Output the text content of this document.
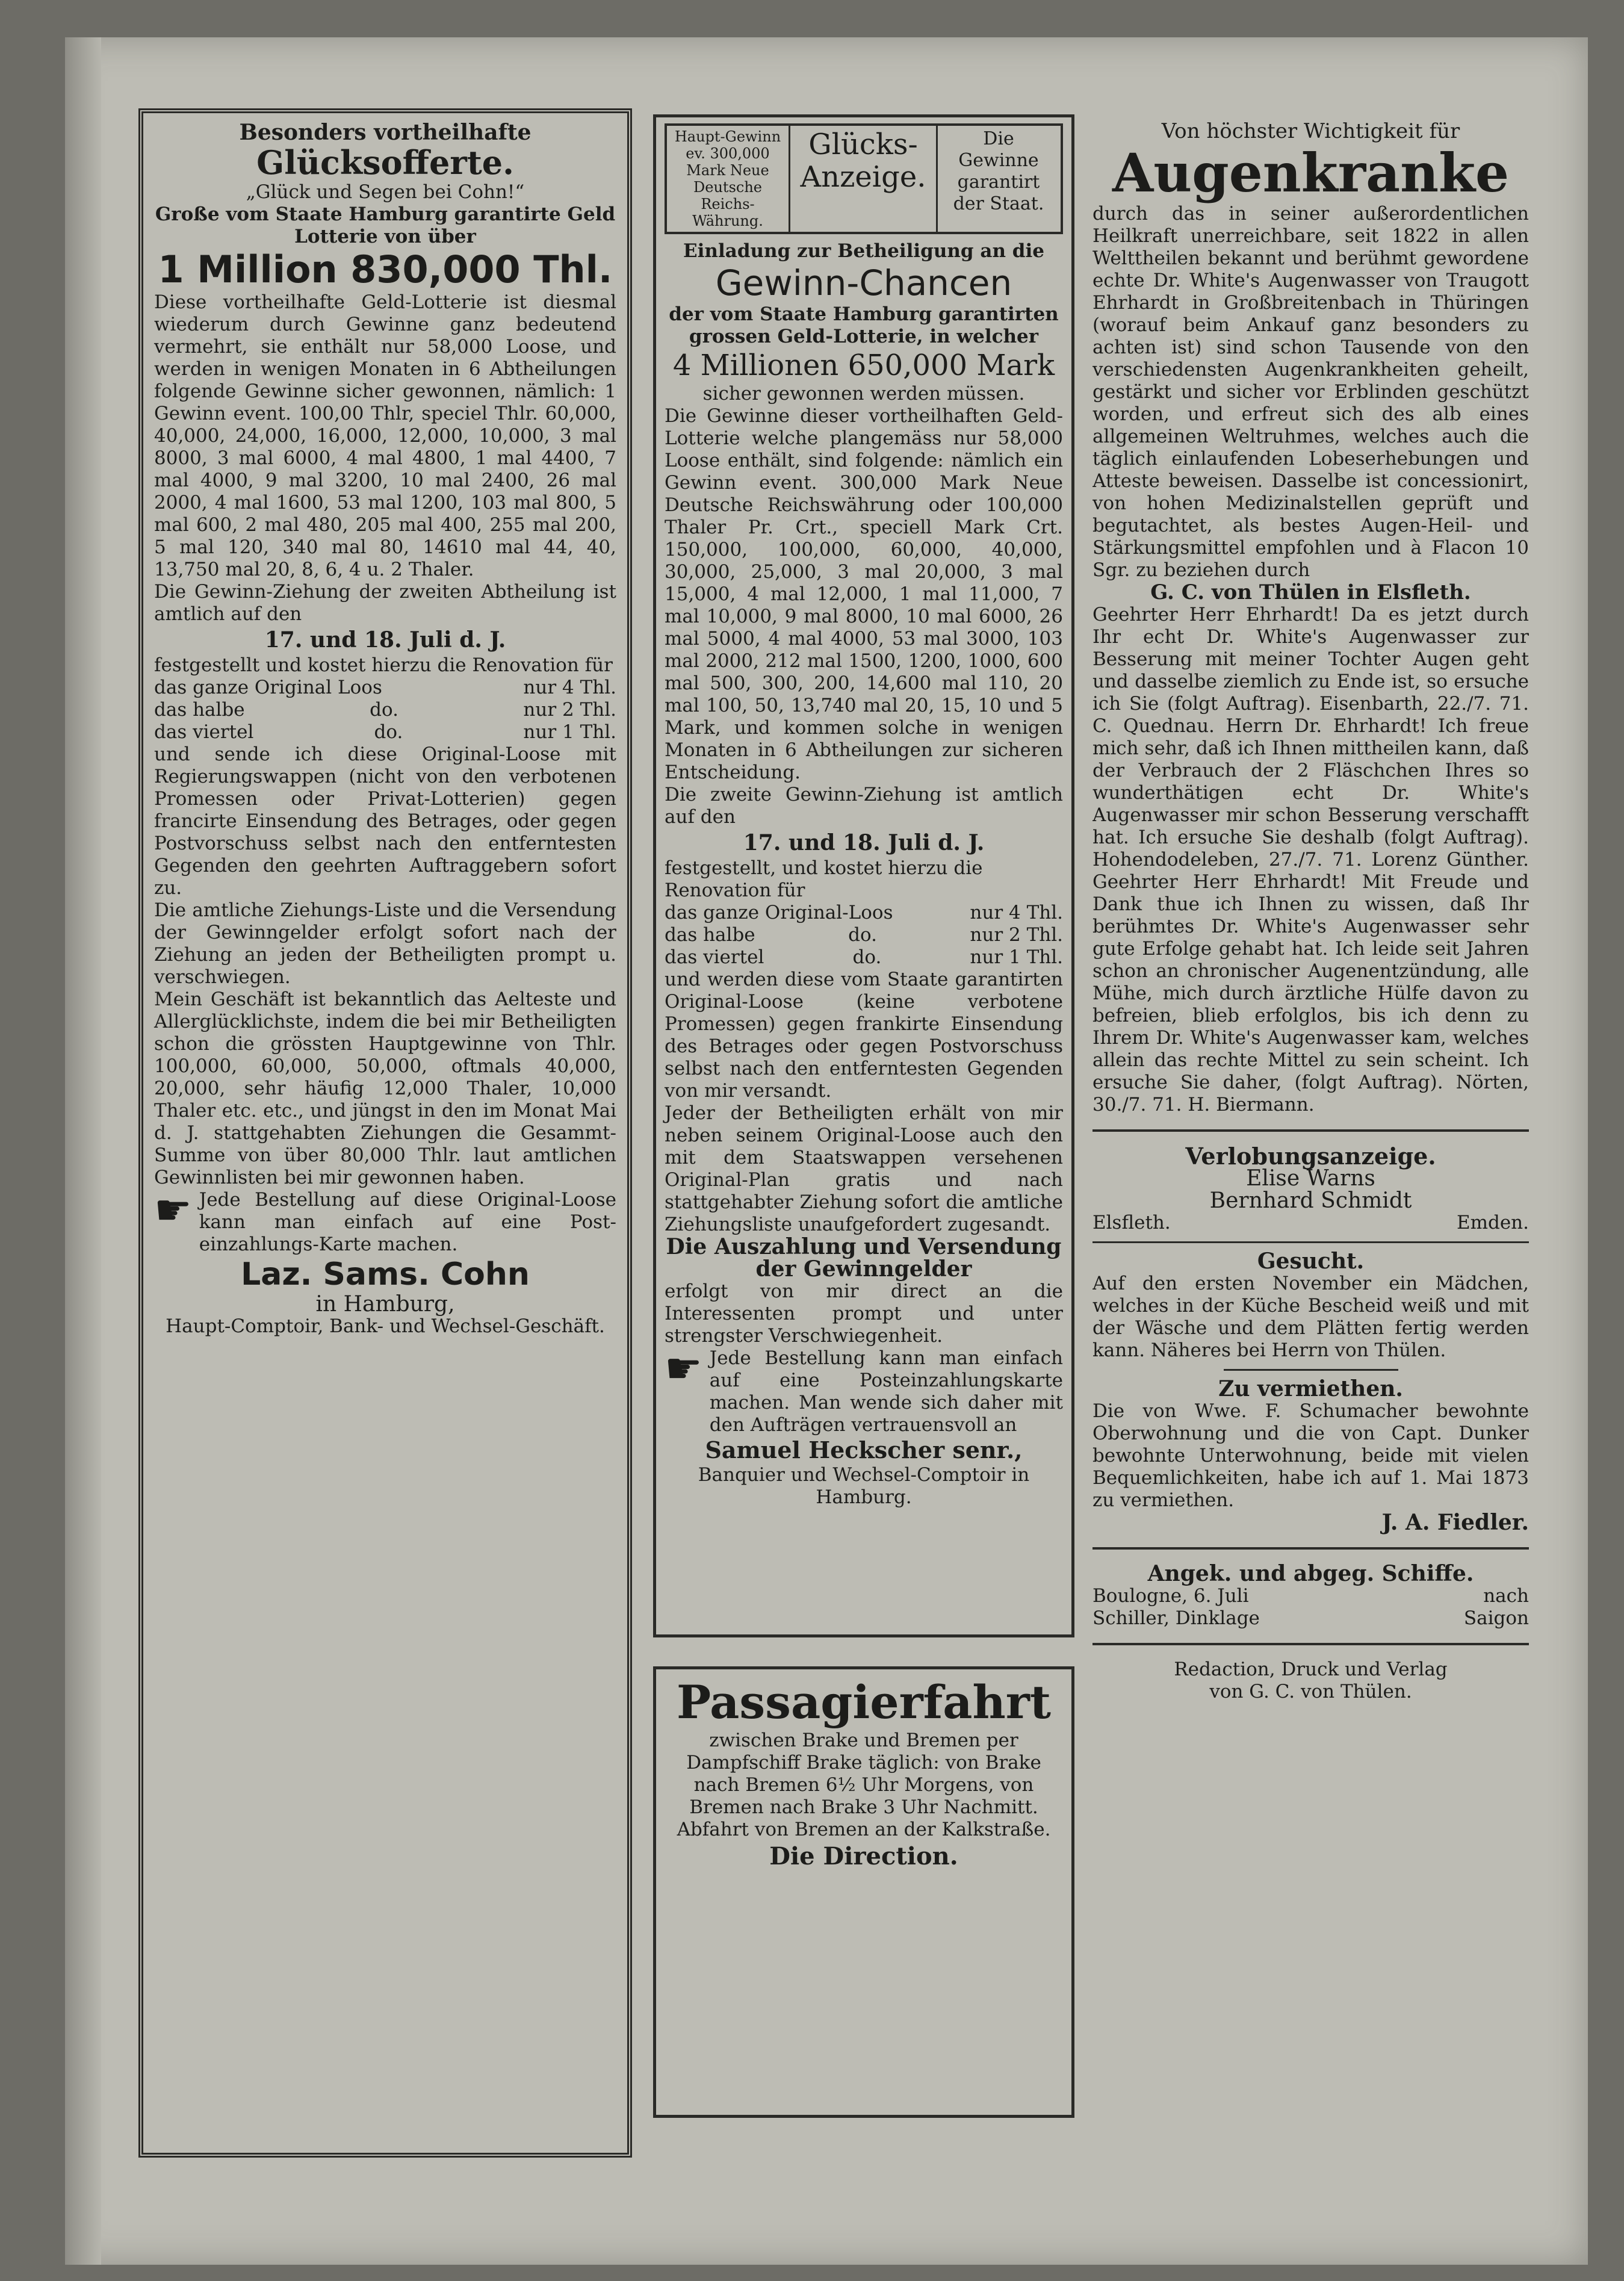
Besonders vortheilhafte

Glücksofferte.

„Glück und Segen bei Cohn!“

Große vom Staate Hamburg garantirte Geld Lotterie von über

1 Million 830,000 Thl.

Diese vortheilhafte Geld-Lotterie ist diesmal wiederum durch Gewinne ganz bedeutend vermehrt, sie enthält nur 58,000 Loose, und werden in wenigen Monaten in 6 Abtheilungen folgende Gewinne sicher gewonnen, nämlich: 1 Gewinn event. 100,00 Thlr, speciel Thlr. 60,000, 40,000, 24,000, 16,000, 12,000, 10,000, 3 mal 8000, 3 mal 6000, 4 mal 4800, 1 mal 4400, 7 mal 4000, 9 mal 3200, 10 mal 2400, 26 mal 2000, 4 mal 1600, 53 mal 1200, 103 mal 800, 5 mal 600, 2 mal 480, 205 mal 400, 255 mal 200, 5 mal 120, 340 mal 80, 14610 mal 44, 40, 13,750 mal 20, 8, 6, 4 u. 2 Thaler.

Die Gewinn-Ziehung der zweiten Abtheilung ist amtlich auf den

17. und 18. Juli d. J.

festgestellt und kostet hierzu die Renovation für

das ganze Original Loos	nur 4 Thl.
das halbe	do.	nur 2 Thl.
das viertel	do.	nur 1 Thl.

und sende ich diese Original-Loose mit Regierungswappen (nicht von den verbotenen Promessen oder Privat-Lotterien) gegen francirte Einsendung des Betrages, oder gegen Postvorschuss selbst nach den entferntesten Gegenden den geehrten Auftraggebern sofort zu.

Die amtliche Ziehungs-Liste und die Versendung der Gewinngelder erfolgt sofort nach der Ziehung an jeden der Betheiligten prompt u. verschwiegen.

Mein Geschäft ist bekanntlich das Aelteste und Allerglücklichste, indem die bei mir Betheiligten schon die grössten Hauptgewinne von Thlr. 100,000, 60,000, 50,000, oftmals 40,000, 20,000, sehr häufig 12,000 Thaler, 10,000 Thaler etc. etc., und jüngst in den im Monat Mai d. J. stattgehabten Ziehungen die Gesammt-Summe von über 80,000 Thlr. laut amtlichen Gewinnlisten bei mir gewonnen haben.

☛ Jede Bestellung auf diese Original-Loose kann man einfach auf eine Post-einzahlungs-Karte machen.

Laz. Sams. Cohn

in Hamburg,

Haupt-Comptoir, Bank- und Wechsel-Geschäft.

Haupt-Gewinn ev. 300,000 Mark Neue Deutsche Reichs-Währung.
Glücks-Anzeige.
Die Gewinne garantirt der Staat.

Einladung zur Betheiligung an die

Gewinn-Chancen

der vom Staate Hamburg garantirten grossen Geld-Lotterie, in welcher

4 Millionen 650,000 Mark

sicher gewonnen werden müssen.

Die Gewinne dieser vortheilhaften Geld-Lotterie welche plangemäss nur 58,000 Loose enthält, sind folgende: nämlich ein Gewinn event. 300,000 Mark Neue Deutsche Reichswährung oder 100,000 Thaler Pr. Crt., speciell Mark Crt. 150,000, 100,000, 60,000, 40,000, 30,000, 25,000, 3 mal 20,000, 3 mal 15,000, 4 mal 12,000, 1 mal 11,000, 7 mal 10,000, 9 mal 8000, 10 mal 6000, 26 mal 5000, 4 mal 4000, 53 mal 3000, 103 mal 2000, 212 mal 1500, 1200, 1000, 600 mal 500, 300, 200, 14,600 mal 110, 20 mal 100, 50, 13,740 mal 20, 15, 10 und 5 Mark, und kommen solche in wenigen Monaten in 6 Abtheilungen zur sicheren Entscheidung.

Die zweite Gewinn-Ziehung ist amtlich auf den

17. und 18. Juli d. J.

festgestellt, und kostet hierzu die Renovation für

das ganze Original-Loos	nur 4 Thl.
das halbe	do.	nur 2 Thl.
das viertel	do.	nur 1 Thl.

und werden diese vom Staate garantirten Original-Loose (keine verbotene Promessen) gegen frankirte Einsendung des Betrages oder gegen Postvorschuss selbst nach den entferntesten Gegenden von mir versandt.

Jeder der Betheiligten erhält von mir neben seinem Original-Loose auch den mit dem Staatswappen versehenen Original-Plan gratis und nach stattgehabter Ziehung sofort die amtliche Ziehungsliste unaufgefordert zugesandt.

Die Auszahlung und Versendung der Gewinngelder

erfolgt von mir direct an die Interessenten prompt und unter strengster Verschwiegenheit.

☛ Jede Bestellung kann man einfach auf eine Posteinzahlungskarte machen. Man wende sich daher mit den Aufträgen vertrauensvoll an

Samuel Heckscher senr.,

Banquier und Wechsel-Comptoir in Hamburg.

Passagierfahrt

zwischen Brake und Bremen per Dampfschiff Brake täglich: von Brake nach Bremen 6½ Uhr Morgens, von Bremen nach Brake 3 Uhr Nachmitt. Abfahrt von Bremen an der Kalkstraße.

Die Direction.

Von höchster Wichtigkeit für

Augenkranke

durch das in seiner außerordentlichen Heilkraft unerreichbare, seit 1822 in allen Welttheilen bekannt und berühmt gewordene echte Dr. White's Augenwasser von Traugott Ehrhardt in Großbreitenbach in Thüringen (worauf beim Ankauf ganz besonders zu achten ist) sind schon Tausende von den verschiedensten Augenkrankheiten geheilt, gestärkt und sicher vor Erblinden geschützt worden, und erfreut sich des alb eines allgemeinen Weltruhmes, welches auch die täglich einlaufenden Lobeserhebungen und Atteste beweisen. Dasselbe ist concessionirt, von hohen Medizinalstellen geprüft und begutachtet, als bestes Augen-Heil- und Stärkungsmittel empfohlen und à Flacon 10 Sgr. zu beziehen durch

G. C. von Thülen in Elsfleth.

Geehrter Herr Ehrhardt! Da es jetzt durch Ihr echt Dr. White's Augenwasser zur Besserung mit meiner Tochter Augen geht und dasselbe ziemlich zu Ende ist, so ersuche ich Sie (folgt Auftrag). Eisenbarth, 22./7. 71. C. Quednau. Herrn Dr. Ehrhardt! Ich freue mich sehr, daß ich Ihnen mittheilen kann, daß der Verbrauch der 2 Fläschchen Ihres so wunderthätigen echt Dr. White's Augenwasser mir schon Besserung verschafft hat. Ich ersuche Sie deshalb (folgt Auftrag). Hohendodeleben, 27./7. 71. Lorenz Günther. Geehrter Herr Ehrhardt! Mit Freude und Dank thue ich Ihnen zu wissen, daß Ihr berühmtes Dr. White's Augenwasser sehr gute Erfolge gehabt hat. Ich leide seit Jahren schon an chronischer Augenentzündung, alle Mühe, mich durch ärztliche Hülfe davon zu befreien, blieb erfolglos, bis ich denn zu Ihrem Dr. White's Augenwasser kam, welches allein das rechte Mittel zu sein scheint. Ich ersuche Sie daher, (folgt Auftrag). Nörten, 30./7. 71. H. Biermann.

Verlobungsanzeige.

Elise Warns

Bernhard Schmidt

Elsfleth.	Emden.

Gesucht.

Auf den ersten November ein Mädchen, welches in der Küche Bescheid weiß und mit der Wäsche und dem Plätten fertig werden kann. Näheres bei Herrn von Thülen.

Zu vermiethen.

Die von Wwe. F. Schumacher bewohnte Oberwohnung und die von Capt. Dunker bewohnte Unterwohnung, beide mit vielen Bequemlichkeiten, habe ich auf 1. Mai 1873 zu vermiethen.

J. A. Fiedler.

Angek. und abgeg. Schiffe.

Boulogne, 6. Juli	nach
Schiller, Dinklage	Saigon

Redaction, Druck und Verlag

von G. C. von Thülen.
